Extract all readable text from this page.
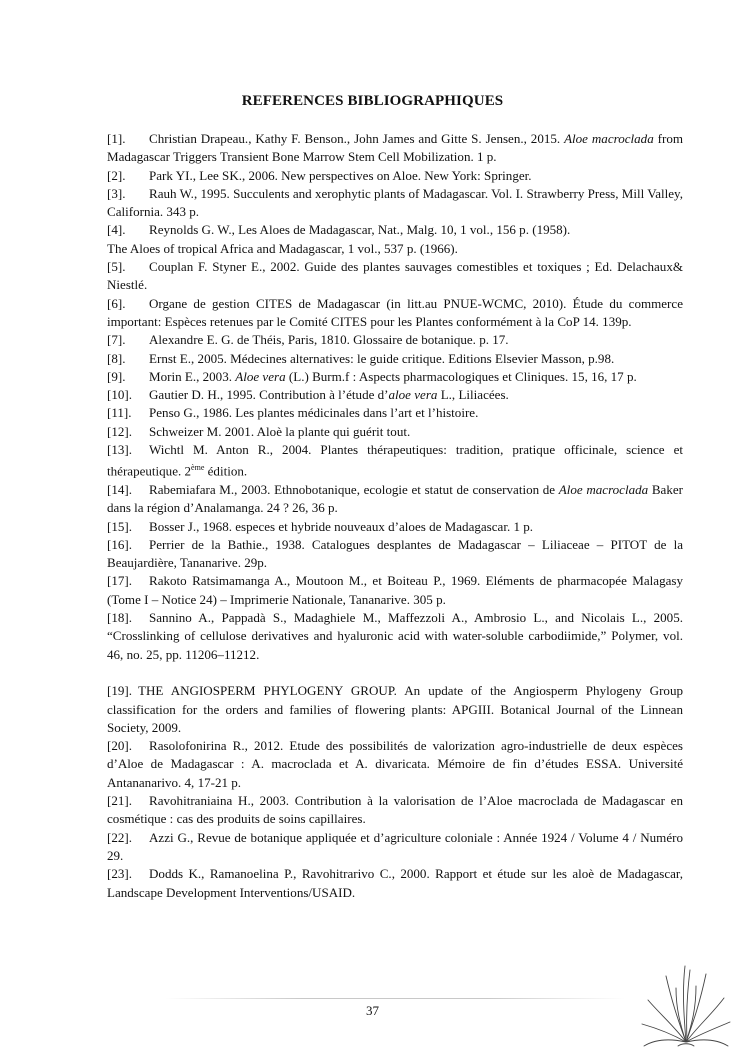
REFERENCES BIBLIOGRAPHIQUES

[1]. Christian Drapeau., Kathy F. Benson., John James and Gitte S. Jensen., 2015. Aloe macroclada from Madagascar Triggers Transient Bone Marrow Stem Cell Mobilization. 1 p.

[2]. Park YI., Lee SK., 2006. New perspectives on Aloe. New York: Springer.

[3]. Rauh W., 1995. Succulents and xerophytic plants of Madagascar. Vol. I. Strawberry Press, Mill Valley, California. 343 p.

[4]. Reynolds G. W., Les Aloes de Madagascar, Nat., Malg. 10, 1 vol., 156 p. (1958).

The Aloes of tropical Africa and Madagascar, 1 vol., 537 p. (1966).

[5]. Couplan F. Styner E., 2002. Guide des plantes sauvages comestibles et toxiques ; Ed. Delachaux& Niestlé.

[6]. Organe de gestion CITES de Madagascar (in litt.au PNUE-WCMC, 2010). Étude du commerce important: Espèces retenues par le Comité CITES pour les Plantes conformément à la CoP 14. 139p.

[7]. Alexandre E. G. de Théis, Paris, 1810. Glossaire de botanique. p. 17.

[8]. Ernst E., 2005. Médecines alternatives: le guide critique. Editions Elsevier Masson, p.98.

[9]. Morin E., 2003. Aloe vera (L.) Burm.f : Aspects pharmacologiques et Cliniques. 15, 16, 17 p.

[10]. Gautier D. H., 1995. Contribution à l’étude d’aloe vera L., Liliacées.

[11]. Penso G., 1986. Les plantes médicinales dans l’art et l’histoire.

[12]. Schweizer M. 2001. Aloè la plante qui guérit tout.

[13]. Wichtl M. Anton R., 2004. Plantes thérapeutiques: tradition, pratique officinale, science et thérapeutique. 2ème édition.

[14]. Rabemiafara M., 2003. Ethnobotanique, ecologie et statut de conservation de Aloe macroclada Baker dans la région d’Analamanga. 24 ? 26, 36 p.

[15]. Bosser J., 1968. especes et hybride nouveaux d’aloes de Madagascar. 1 p.

[16]. Perrier de la Bathie., 1938. Catalogues desplantes de Madagascar – Liliaceae – PITOT de la Beaujardière, Tananarive. 29p.

[17]. Rakoto Ratsimamanga A., Moutoon M., et Boiteau P., 1969. Eléments de pharmacopée Malagasy (Tome I – Notice 24) – Imprimerie Nationale, Tananarive. 305 p.

[18]. Sannino A., Pappadà S., Madaghiele M., Maffezzoli A., Ambrosio L., and Nicolais L., 2005. “Crosslinking of cellulose derivatives and hyaluronic acid with water-soluble carbodiimide,” Polymer, vol. 46, no. 25, pp. 11206–11212.

[19]. THE ANGIOSPERM PHYLOGENY GROUP. An update of the Angiosperm Phylogeny Group classification for the orders and families of flowering plants: APGIII. Botanical Journal of the Linnean Society, 2009.

[20]. Rasolofonirina R., 2012. Etude des possibilités de valorization agro-industrielle de deux espèces d’Aloe de Madagascar : A. macroclada et A. divaricata. Mémoire de fin d’études ESSA. Université Antananarivo. 4, 17-21 p.

[21]. Ravohitraniaina H., 2003. Contribution à la valorisation de l’Aloe macroclada de Madagascar en cosmétique : cas des produits de soins capillaires.

[22]. Azzi G., Revue de botanique appliquée et d’agriculture coloniale : Année 1924 / Volume 4 / Numéro 29.

[23]. Dodds K., Ramanoelina P., Ravohitrarivo C., 2000. Rapport et étude sur les aloè de Madagascar, Landscape Development Interventions/USAID.

37
